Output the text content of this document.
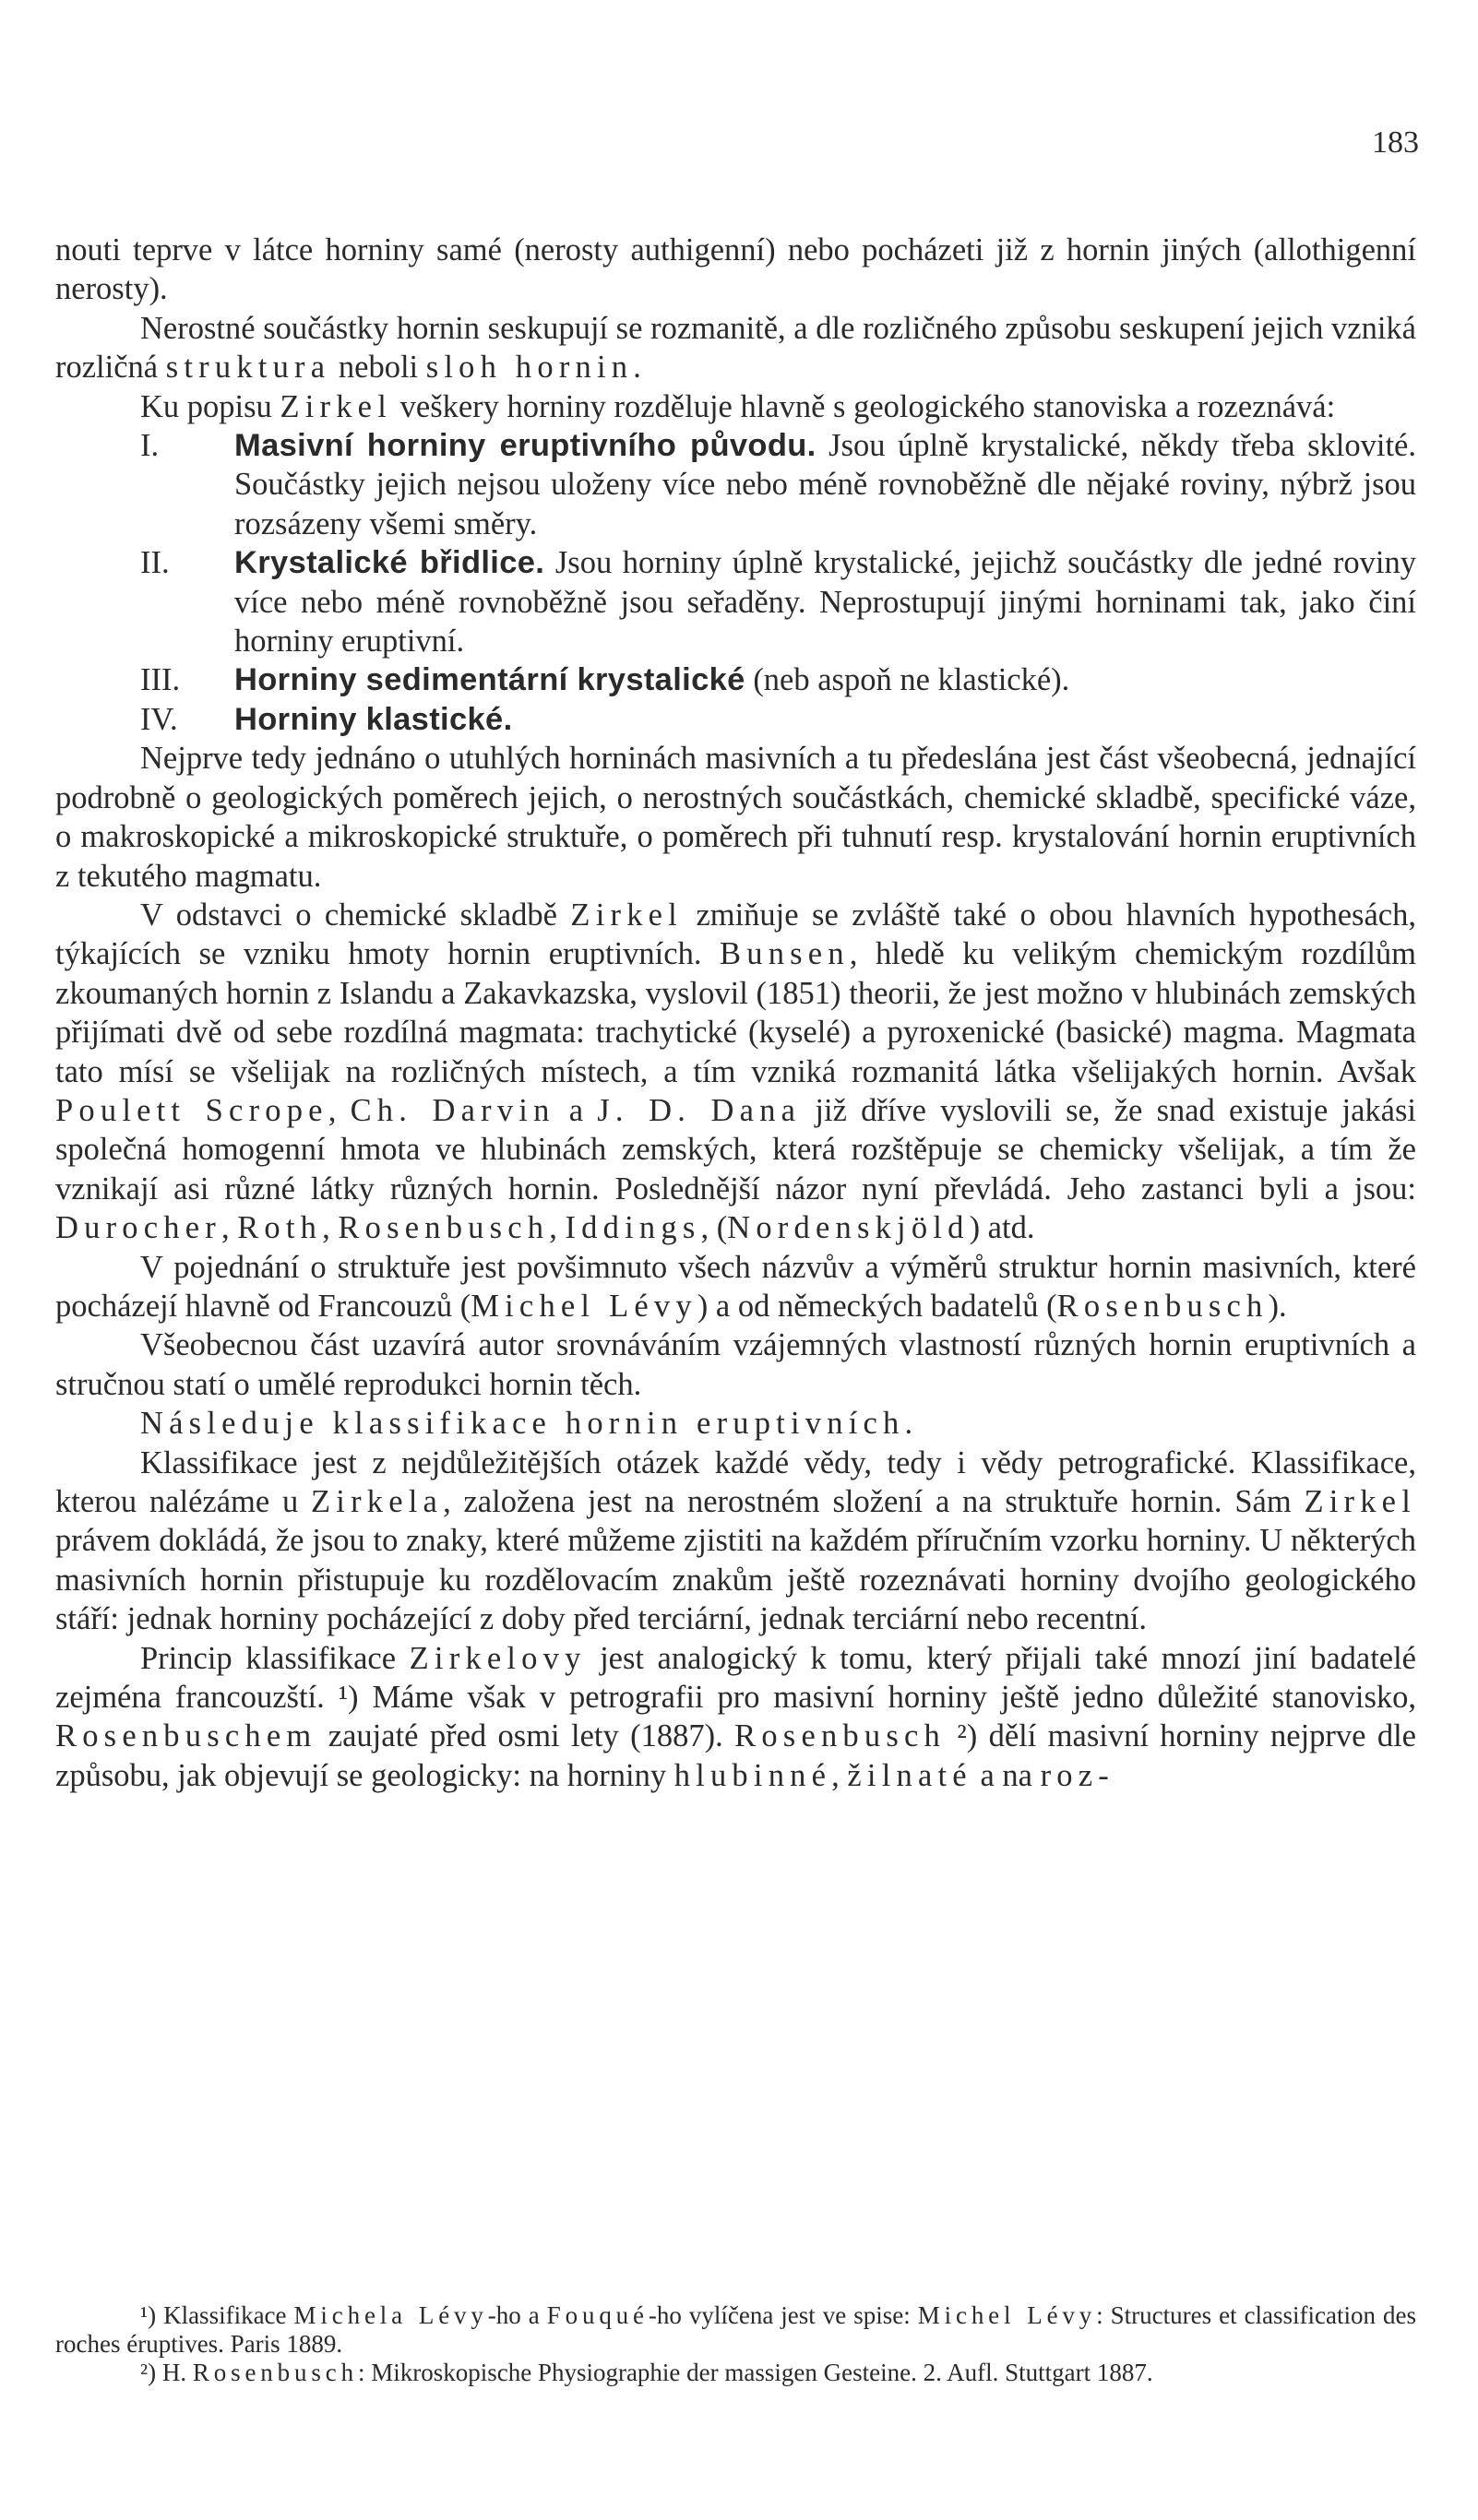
183

nouti teprve v látce horniny samé (nerosty authigenní) nebo pocházeti již z hornin jiných (allothigenní nerosty).

Nerostné součástky hornin seskupují se rozmanitě, a dle rozličného způsobu seskupení jejich vzniká rozličná struktura neboli sloh hornin.

Ku popisu Zirkel veškery horniny rozděluje hlavně s geologického stanoviska a rozeznává:

I.	Masivní horniny eruptivního původu. Jsou úplně krystalické, někdy třeba sklovité. Součástky jejich nejsou uloženy více nebo méně rovnoběžně dle nějaké roviny, nýbrž jsou rozsázeny všemi směry.
II.	Krystalické břidlice. Jsou horniny úplně krystalické, jejichž součástky dle jedné roviny více nebo méně rovnoběžně jsou seřaděny. Neprostupují jinými horninami tak, jako činí horniny eruptivní.
III.	Horniny sedimentární krystalické (neb aspoň ne klastické).
IV.	Horniny klastické.

Nejprve tedy jednáno o utuhlých horninách masivních a tu předeslána jest část všeobecná, jednající podrobně o geologických poměrech jejich, o nerostných součástkách, chemické skladbě, specifické váze, o makroskopické a mikroskopické struktuře, o poměrech při tuhnutí resp. krystalování hornin eruptivních z tekutého magmatu.

V odstavci o chemické skladbě Zirkel zmiňuje se zvláště také o obou hlavních hypothesách, týkajících se vzniku hmoty hornin eruptivních. Bunsen, hledě ku velikým chemickým rozdílům zkoumaných hornin z Islandu a Zakavkazska, vyslovil (1851) theorii, že jest možno v hlubinách zemských přijímati dvě od sebe rozdílná magmata: trachytické (kyselé) a pyroxenické (basické) magma. Magmata tato mísí se všelijak na rozličných místech, a tím vzniká rozmanitá látka všelijakých hornin. Avšak Poulett Scrope, Ch. Darvin a J. D. Dana již dříve vyslovili se, že snad existuje jakási společná homogenní hmota ve hlubinách zemských, která rozštěpuje se chemicky všelijak, a tím že vznikají asi různé látky různých hornin. Poslednější názor nyní převládá. Jeho zastanci byli a jsou: Durocher, Roth, Rosenbusch, Iddings, (Nordenskjöld) atd.

V pojednání o struktuře jest povšimnuto všech názvův a výměrů struktur hornin masivních, které pocházejí hlavně od Francouzů (Michel Lévy) a od německých badatelů (Rosenbusch).

Všeobecnou část uzavírá autor srovnáváním vzájemných vlastností různých hornin eruptivních a stručnou statí o umělé reprodukci hornin těch.

Následuje klassifikace hornin eruptivních.

Klassifikace jest z nejdůležitějších otázek každé vědy, tedy i vědy petrografické. Klassifikace, kterou nalézáme u Zirkela, založena jest na nerostném složení a na struktuře hornin. Sám Zirkel právem dokládá, že jsou to znaky, které můžeme zjistiti na každém příručním vzorku horniny. U některých masivních hornin přistupuje ku rozdělovacím znakům ještě rozeznávati horniny dvojího geologického stáří: jednak horniny pocházející z doby před terciární, jednak terciární nebo recentní.

Princip klassifikace Zirkelovy jest analogický k tomu, který přijali také mnozí jiní badatelé zejména francouzští. ¹) Máme však v petrografii pro masivní horniny ještě jedno důležité stanovisko, Rosenbuschem zaujaté před osmi lety (1887). Rosenbusch ²) dělí masivní horniny nejprve dle způsobu, jak objevují se geologicky: na horniny hlubinné, žilnaté a na roz-

¹) Klassifikace Michela Lévy-ho a Fouqué-ho vylíčena jest ve spise: Michel Lévy: Structures et classification des roches éruptives. Paris 1889.

²) H. Rosenbusch: Mikroskopische Physiographie der massigen Gesteine. 2. Aufl. Stuttgart 1887.
